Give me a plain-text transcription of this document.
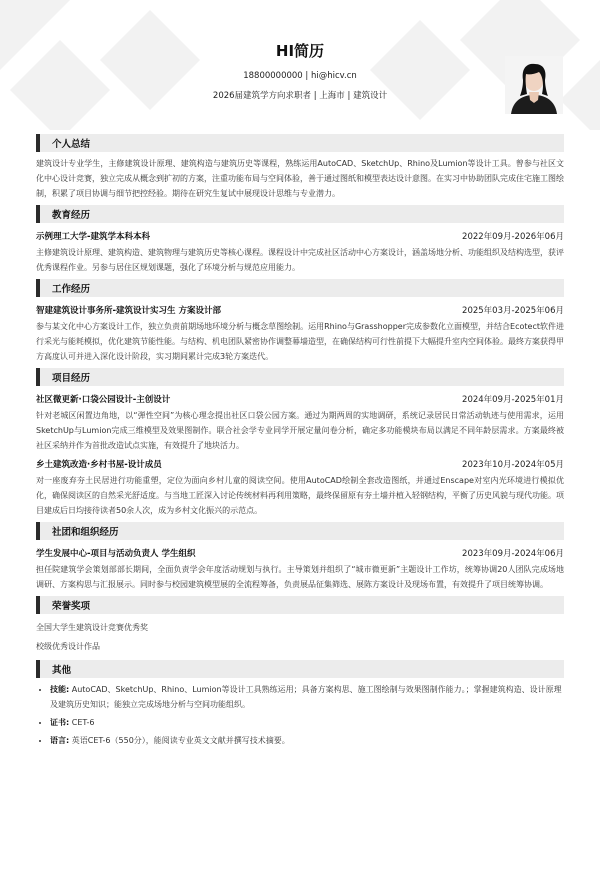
HI简历
18800000000 | hi@hicv.cn
2026届建筑学方向求职者 | 上海市 | 建筑设计
个人总结

建筑设计专业学生，主修建筑设计原理、建筑构造与建筑历史等课程，熟练运用AutoCAD、SketchUp、Rhino及Lumion等设计工具。曾参与社区文化中心设计竞赛，独立完成从概念到扩初的方案，注重功能布局与空间体验，善于通过图纸和模型表达设计意图。在实习中协助团队完成住宅施工图绘制，积累了项目协调与细节把控经验。期待在研究生复试中展现设计思维与专业潜力。

教育经历
示例理工大学-建筑学本科本科	2022年09月-2026年06月

主修建筑设计原理、建筑构造、建筑物理与建筑历史等核心课程。课程设计中完成社区活动中心方案设计，涵盖场地分析、功能组织及结构选型，获评优秀课程作业。另参与居住区规划课题，强化了环境分析与规范应用能力。

工作经历
智建建筑设计事务所-建筑设计实习生 方案设计部	2025年03月-2025年06月

参与某文化中心方案设计工作，独立负责前期场地环境分析与概念草图绘制。运用Rhino与Grasshopper完成参数化立面模型，并结合Ecotect软件进行采光与能耗模拟，优化建筑节能性能。与结构、机电团队紧密协作调整幕墙造型，在确保结构可行性前提下大幅提升室内空间体验。最终方案获得甲方高度认可并进入深化设计阶段，实习期间累计完成3轮方案迭代。

项目经历
社区微更新·口袋公园设计-主创设计	2024年09月-2025年01月

针对老城区闲置边角地，以“弹性空间”为核心理念提出社区口袋公园方案。通过为期两周的实地调研，系统记录居民日常活动轨迹与使用需求，运用SketchUp与Lumion完成三维模型及效果图制作。联合社会学专业同学开展定量问卷分析，确定多功能模块布局以满足不同年龄层需求。方案最终被社区采纳并作为首批改造试点实施，有效提升了地块活力。

乡土建筑改造·乡村书屋-设计成员	2023年10月-2024年05月

对一座废弃夯土民居进行功能重塑，定位为面向乡村儿童的阅读空间。使用AutoCAD绘制全套改造图纸，并通过Enscape对室内光环境进行模拟优化，确保阅读区的自然采光舒适度。与当地工匠深入讨论传统材料再利用策略，最终保留原有夯土墙并植入轻钢结构，平衡了历史风貌与现代功能。项目建成后日均接待读者50余人次，成为乡村文化振兴的示范点。

社团和组织经历
学生发展中心-项目与活动负责人 学生组织	2023年09月-2024年06月

担任院建筑学会策划部部长期间，全面负责学会年度活动规划与执行。主导策划并组织了“城市微更新”主题设计工作坊，统筹协调20人团队完成场地调研、方案构思与汇报展示。同时参与校园建筑模型展的全流程筹备，负责展品征集筛选、展陈方案设计及现场布置，有效提升了项目统筹协调。

荣誉奖项
全国大学生建筑设计竞赛优秀奖
校级优秀设计作品
其他
• 技能: AutoCAD、SketchUp、Rhino、Lumion等设计工具熟练运用；具备方案构思、施工图绘制与效果图制作能力。；掌握建筑构造、设计原理及建筑历史知识；能独立完成场地分析与空间功能组织。
• 证书: CET-6
• 语言: 英语CET-6（550分），能阅读专业英文文献并撰写技术摘要。
